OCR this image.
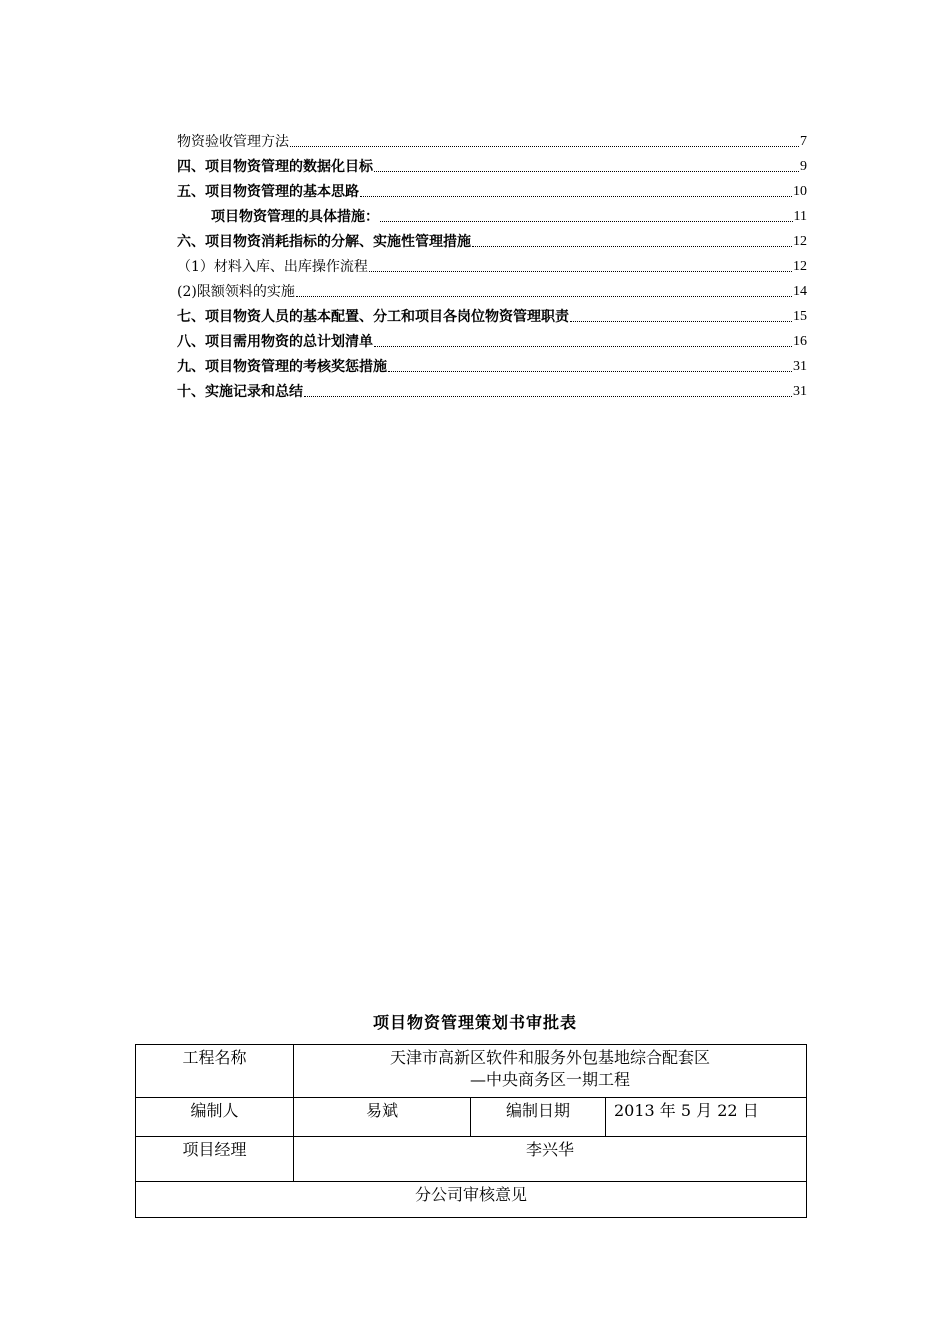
物资验收管理方法	7
四、项目物资管理的数据化目标	9
五、项目物资管理的基本思路	10
项目物资管理的具体措施：	11
六、项目物资消耗指标的分解、实施性管理措施	12
（1）材料入库、出库操作流程	12
(2)限额领料的实施	14
七、项目物资人员的基本配置、分工和项目各岗位物资管理职责	15
八、项目需用物资的总计划清单	16
九、项目物资管理的考核奖惩措施	31
十、实施记录和总结	31
项目物资管理策划书审批表
工程名称	天津市高新区软件和服务外包基地综合配套区
—中央商务区一期工程		

编制人	易斌	编制日期	2013 年 5 月 22 日
项目经理	李兴华		
分公司审核意见			
